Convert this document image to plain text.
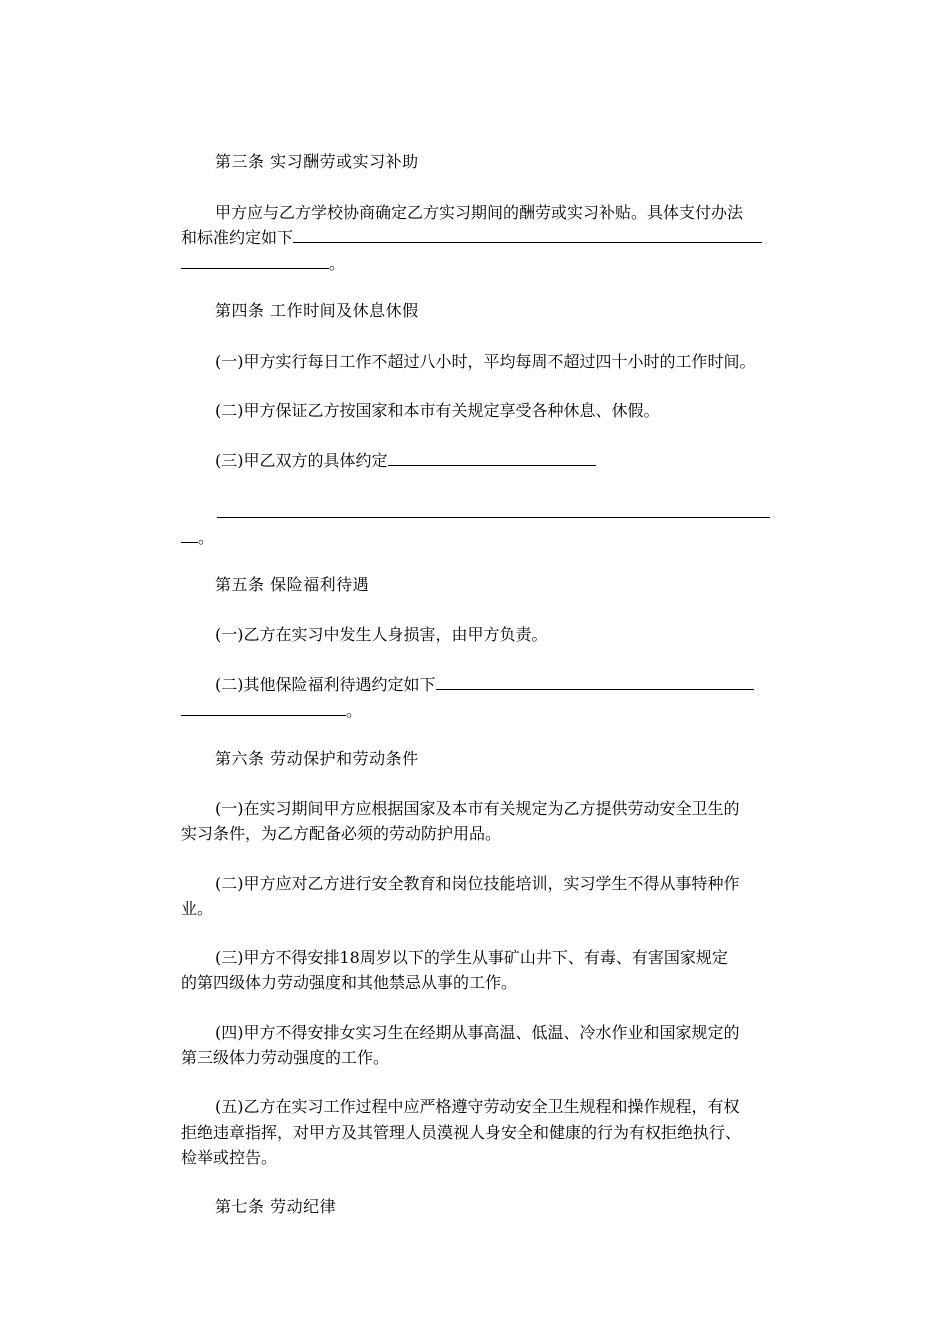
第三条 实习酬劳或实习补助
甲方应与乙方学校协商确定乙方实习期间的酬劳或实习补贴。具体支付办法
和标准约定如下
。
第四条 工作时间及休息休假
(一)甲方实行每日工作不超过八小时，平均每周不超过四十小时的工作时间。
(二)甲方保证乙方按国家和本市有关规定享受各种休息、休假。
(三)甲乙双方的具体约定
。
第五条 保险福利待遇
(一)乙方在实习中发生人身损害，由甲方负责。
(二)其他保险福利待遇约定如下
。
第六条 劳动保护和劳动条件
(一)在实习期间甲方应根据国家及本市有关规定为乙方提供劳动安全卫生的
实习条件，为乙方配备必须的劳动防护用品。
(二)甲方应对乙方进行安全教育和岗位技能培训，实习学生不得从事特种作
业。
(三)甲方不得安排18周岁以下的学生从事矿山井下、有毒、有害国家规定
的第四级体力劳动强度和其他禁忌从事的工作。
(四)甲方不得安排女实习生在经期从事高温、低温、冷水作业和国家规定的
第三级体力劳动强度的工作。
(五)乙方在实习工作过程中应严格遵守劳动安全卫生规程和操作规程，有权
拒绝违章指挥，对甲方及其管理人员漠视人身安全和健康的行为有权拒绝执行、
检举或控告。
第七条 劳动纪律
